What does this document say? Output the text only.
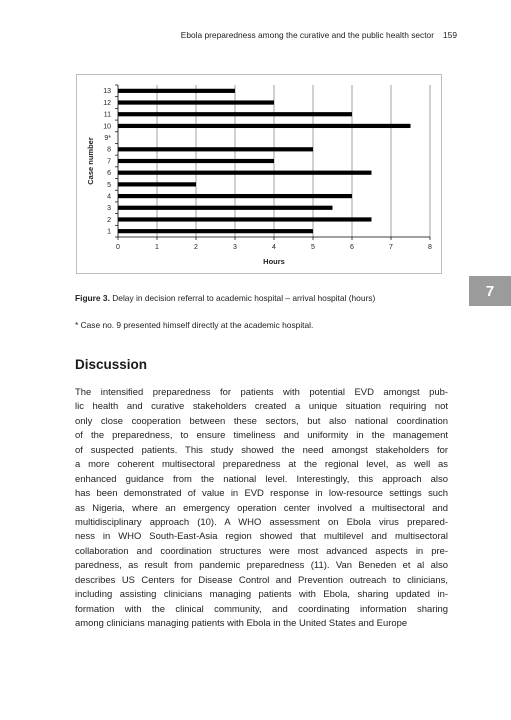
Ebola preparedness among the curative and the public health sector 159
1
2
3
4
5
6
7
8
9*
10
11
12
13
0	1	2	3	4	5	6	7	8
Hours
Case number
7
Figure 3. Delay in decision referral to academic hospital – arrival hospital (hours)
* Case no. 9 presented himself directly at the academic hospital.
Discussion
The intensified preparedness for patients with potential EVD amongst pub-
lic health and curative stakeholders created a unique situation requiring not
only close cooperation between these sectors, but also national coordination
of the preparedness, to ensure timeliness and uniformity in the management
of suspected patients. This study showed the need amongst stakeholders for
a more coherent multisectoral preparedness at the regional level, as well as
enhanced guidance from the national level. Interestingly, this approach also
has been demonstrated of value in EVD response in low-resource settings such
as Nigeria, where an emergency operation center involved a multisectoral and
multidisciplinary approach (10). A WHO assessment on Ebola virus prepared-
ness in WHO South-East-Asia region showed that multilevel and multisectoral
collaboration and coordination structures were most advanced aspects in pre-
paredness, as result from pandemic preparedness (11). Van Beneden et al also
describes US Centers for Disease Control and Prevention outreach to clinicians,
including assisting clinicians managing patients with Ebola, sharing updated in-
formation with the clinical community, and coordinating information sharing
among clinicians managing patients with Ebola in the United States and Europe
